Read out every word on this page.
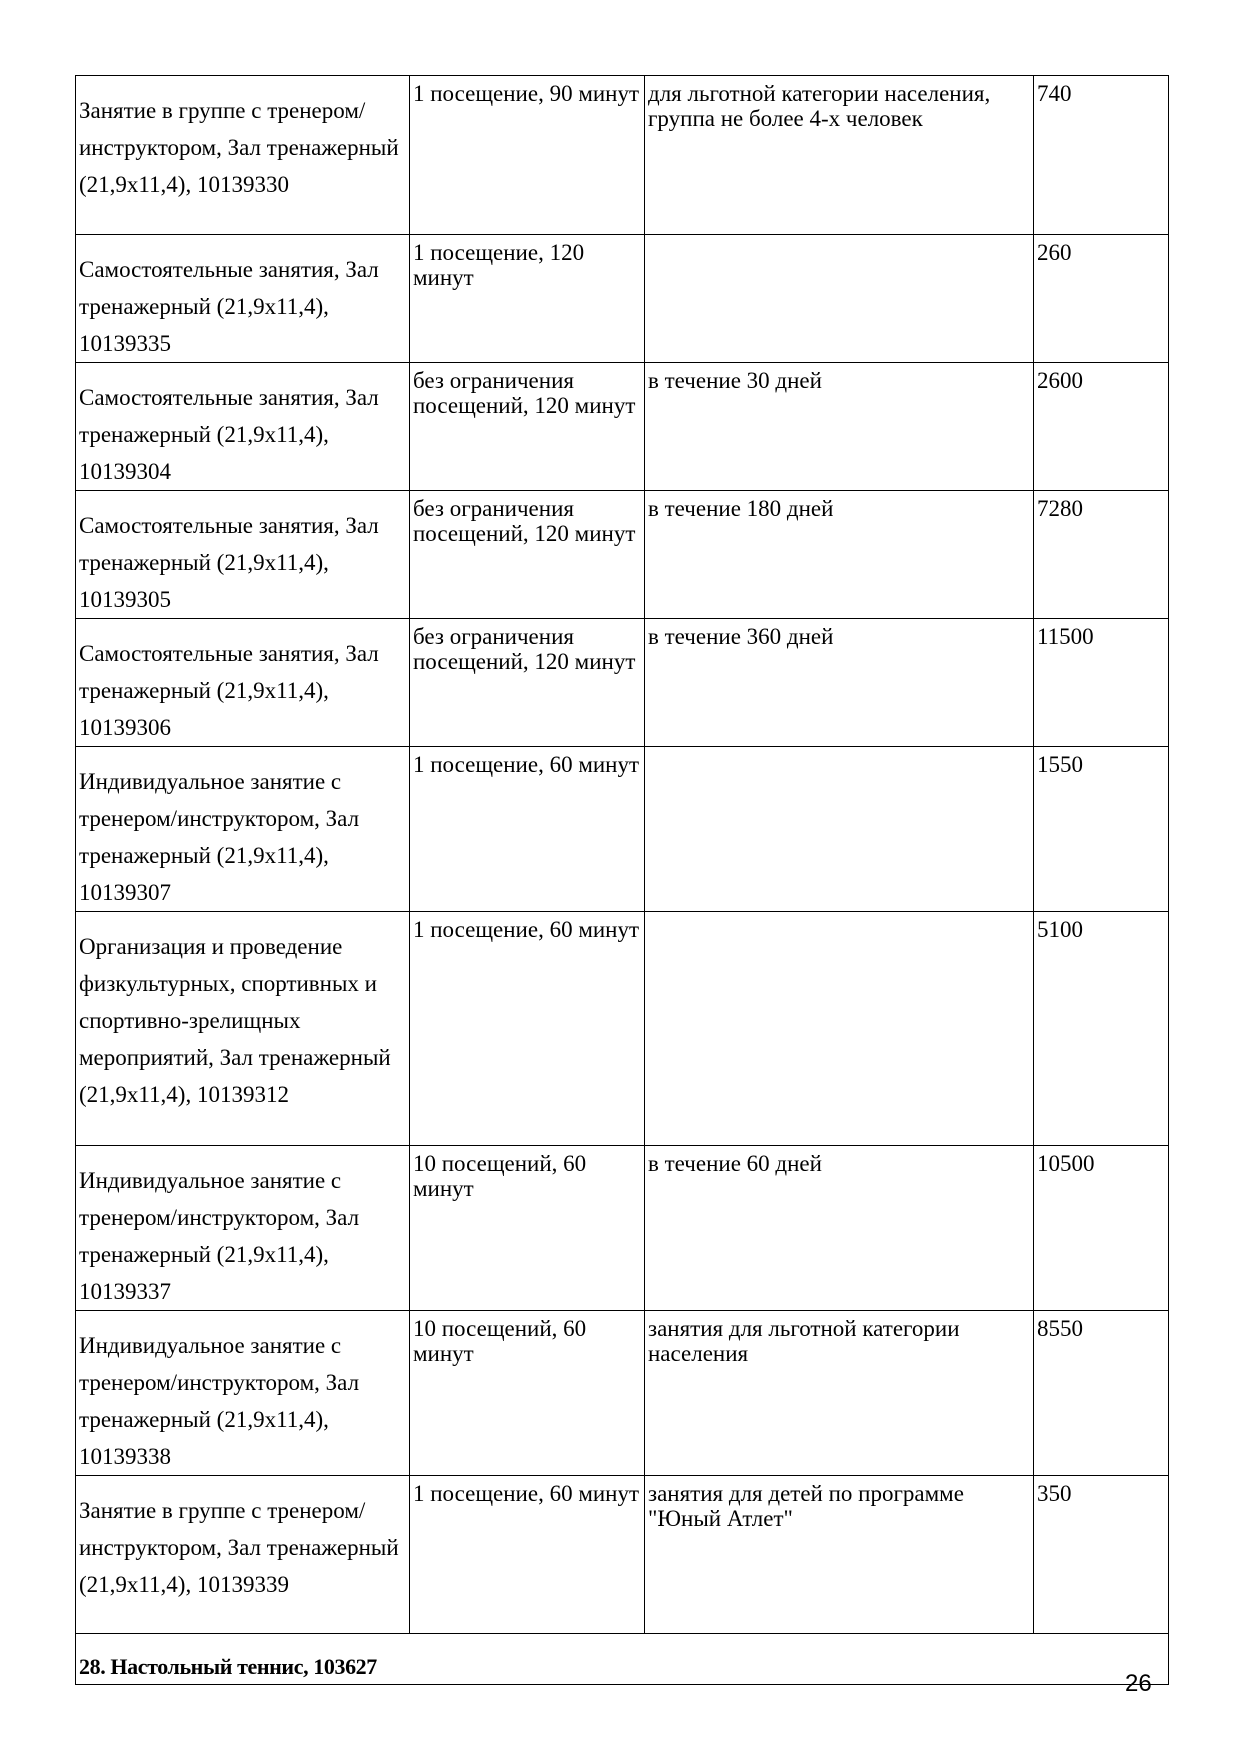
Занятие в группе с тренером/инструктором, Зал тренажерный (21,9х11,4), 10139330	1 посещение, 90 минут	для льготной категории населения, группа не более 4-х человек	740

Самостоятельные занятия, Зал тренажерный (21,9х11,4), 10139335	1 посещение, 120 минут		260

Самостоятельные занятия, Зал тренажерный (21,9х11,4), 10139304	без ограничения посещений, 120 минут	в течение 30 дней	2600

Самостоятельные занятия, Зал тренажерный (21,9х11,4), 10139305	без ограничения посещений, 120 минут	в течение 180 дней	7280

Самостоятельные занятия, Зал тренажерный (21,9х11,4), 10139306	без ограничения посещений, 120 минут	в течение 360 дней	11500

Индивидуальное занятие с тренером/инструктором, Зал тренажерный (21,9х11,4), 10139307	1 посещение, 60 минут		1550

Организация и проведение физкультурных, спортивных и спортивно-зрелищных мероприятий, Зал тренажерный (21,9х11,4), 10139312	1 посещение, 60 минут		5100

Индивидуальное занятие с тренером/инструктором, Зал тренажерный (21,9х11,4), 10139337	10 посещений, 60 минут	в течение 60 дней	10500

Индивидуальное занятие с тренером/инструктором, Зал тренажерный (21,9х11,4), 10139338	10 посещений, 60 минут	занятия для льготной категории населения	8550

Занятие в группе с тренером/инструктором, Зал тренажерный (21,9х11,4), 10139339	1 посещение, 60 минут	занятия для детей по программе "Юный Атлет"	350

28. Настольный теннис, 103627			
26
